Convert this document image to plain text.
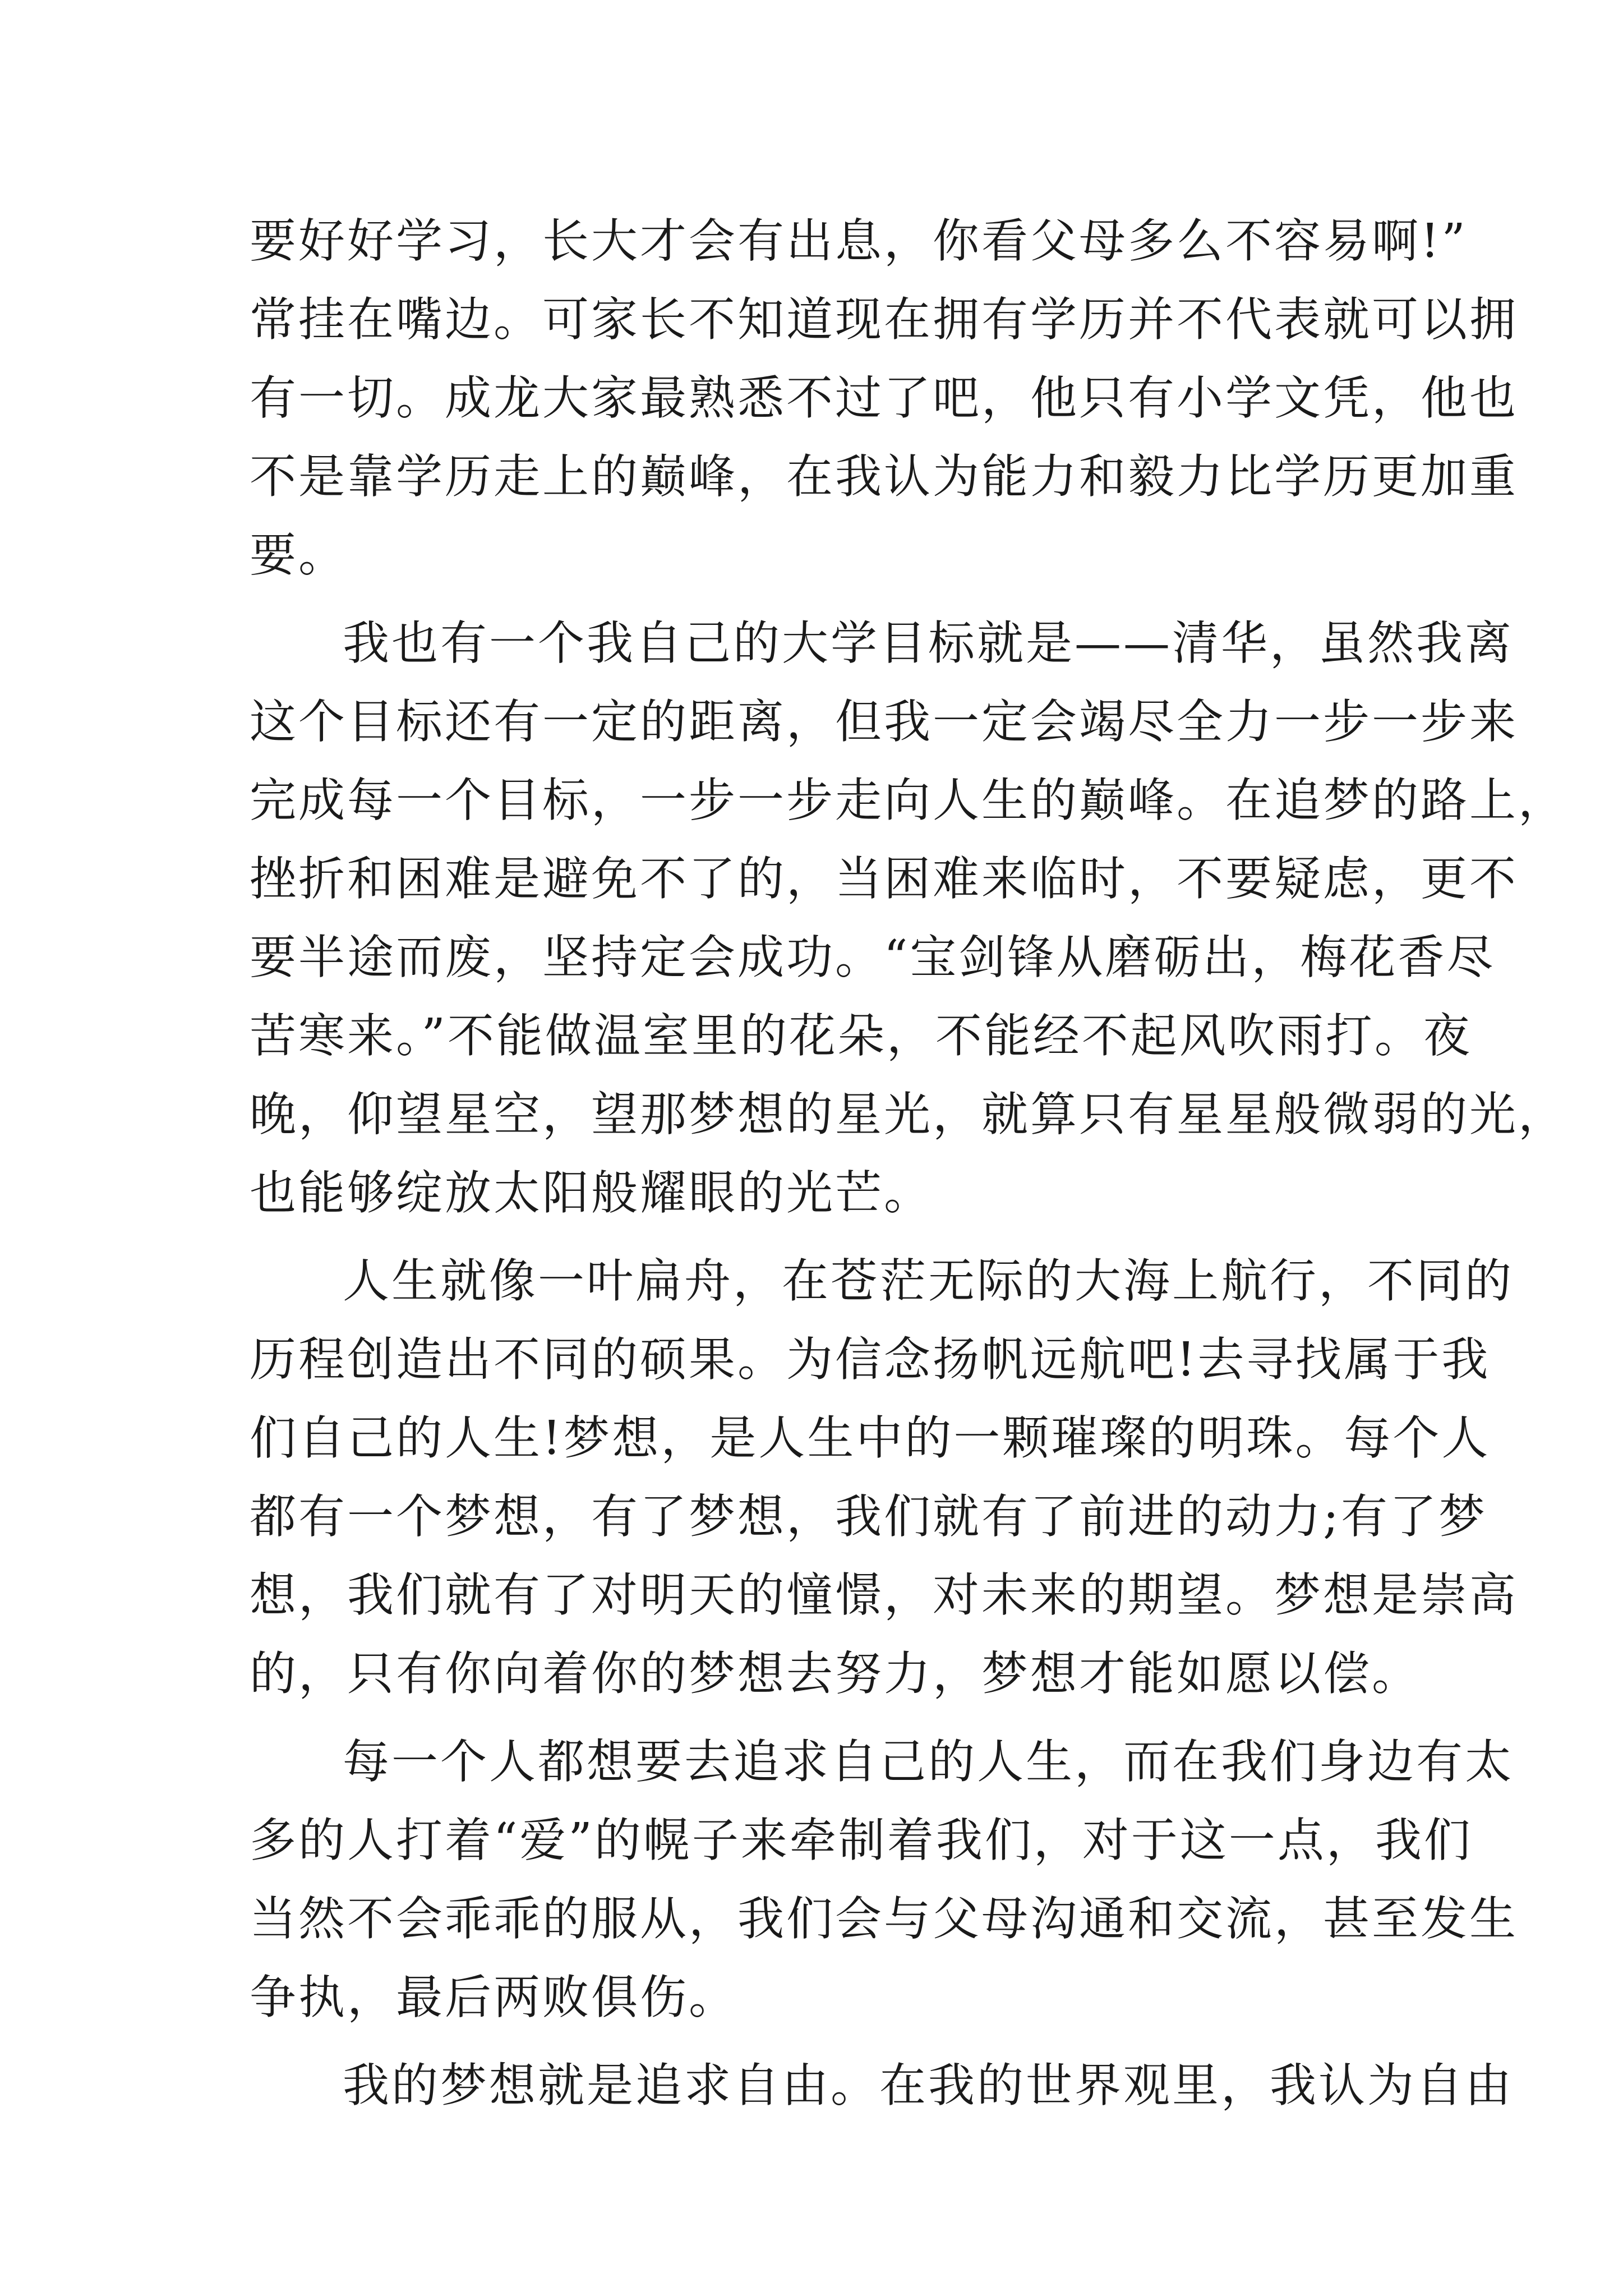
要好好学习，长大才会有出息，你看父母多么不容易啊!”
常挂在嘴边。可家长不知道现在拥有学历并不代表就可以拥
有一切。成龙大家最熟悉不过了吧，他只有小学文凭，他也
不是靠学历走上的巅峰，在我认为能力和毅力比学历更加重
要。
我也有一个我自己的大学目标就是——清华，虽然我离
这个目标还有一定的距离，但我一定会竭尽全力一步一步来
完成每一个目标，一步一步走向人生的巅峰。在追梦的路上，
挫折和困难是避免不了的，当困难来临时，不要疑虑，更不
要半途而废，坚持定会成功。“宝剑锋从磨砺出，梅花香尽
苦寒来。”不能做温室里的花朵，不能经不起风吹雨打。夜
晚，仰望星空，望那梦想的星光，就算只有星星般微弱的光，
也能够绽放太阳般耀眼的光芒。
人生就像一叶扁舟，在苍茫无际的大海上航行，不同的
历程创造出不同的硕果。为信念扬帆远航吧!去寻找属于我
们自己的人生!梦想，是人生中的一颗璀璨的明珠。每个人
都有一个梦想，有了梦想，我们就有了前进的动力;有了梦
想，我们就有了对明天的憧憬，对未来的期望。梦想是崇高
的，只有你向着你的梦想去努力，梦想才能如愿以偿。
每一个人都想要去追求自己的人生，而在我们身边有太
多的人打着“爱”的幌子来牵制着我们，对于这一点，我们
当然不会乖乖的服从，我们会与父母沟通和交流，甚至发生
争执，最后两败俱伤。
我的梦想就是追求自由。在我的世界观里，我认为自由
